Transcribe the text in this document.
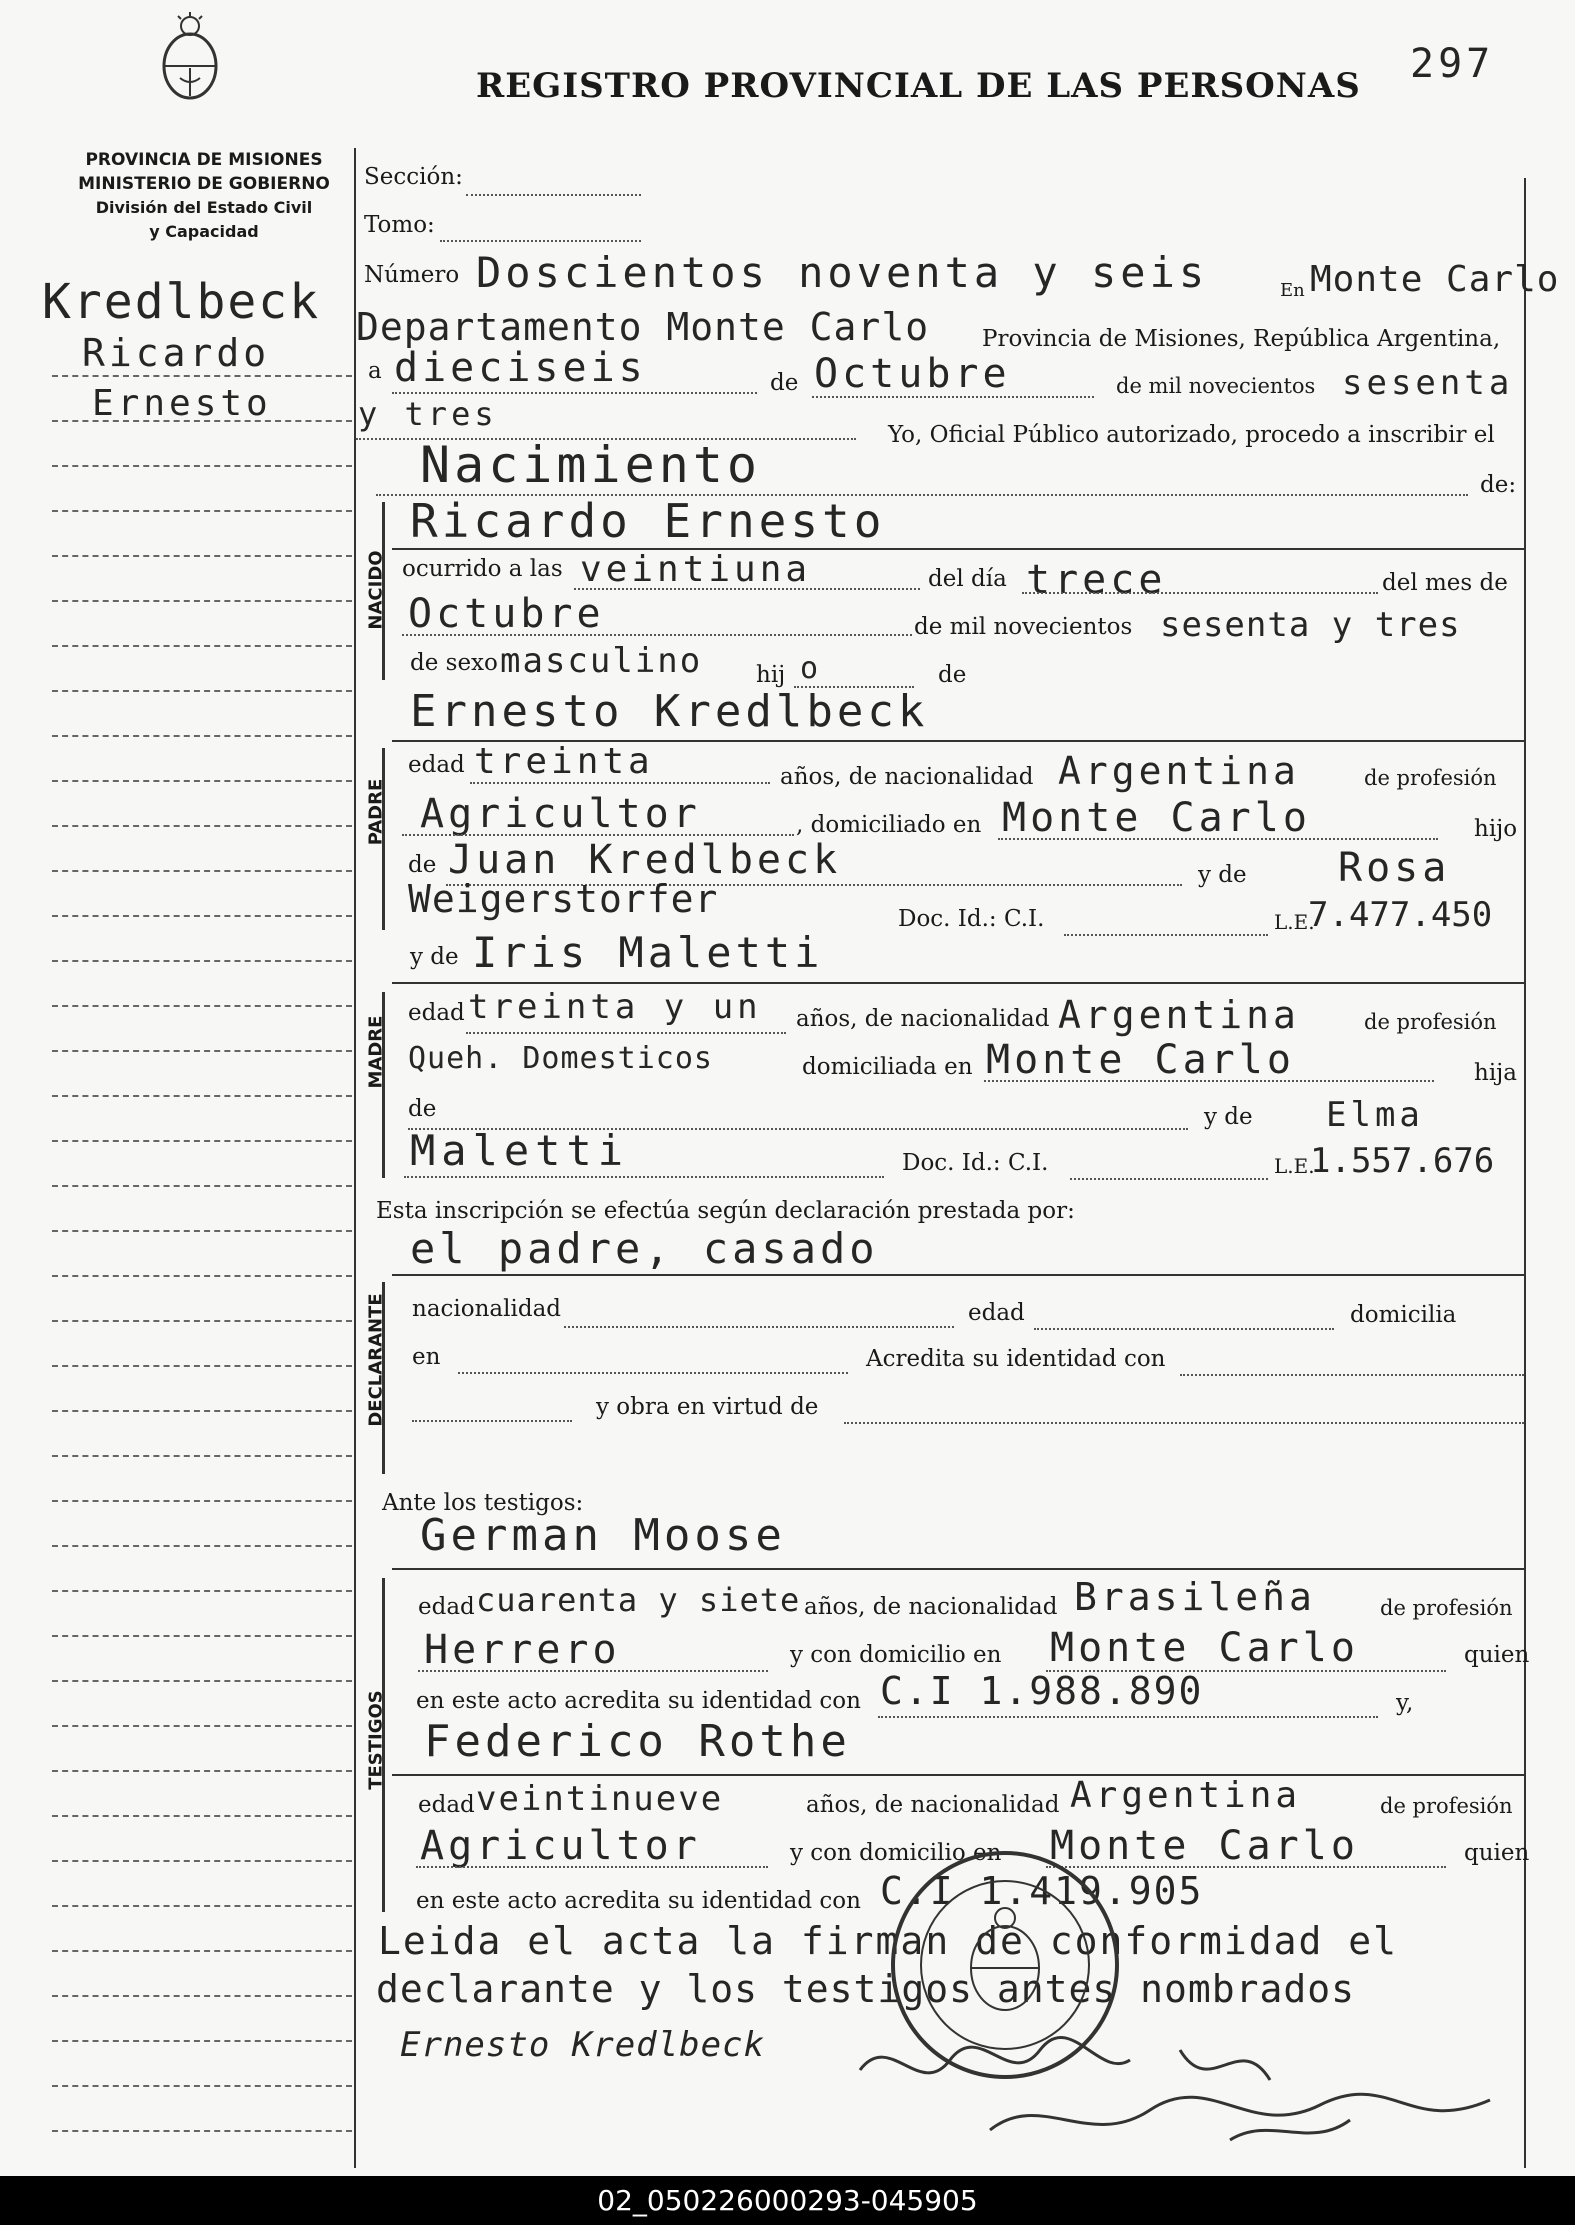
REGISTRO PROVINCIAL DE LAS PERSONAS 297
PROVINCIA DE MISIONES
MINISTERIO DE GOBIERNO
División del Estado Civil
y Capacidad
Kredlbeck
Ricardo
Ernesto
Sección:
Tomo:
Número Doscientos noventa y seis	En Monte Carlo
Departamento Monte Carlo Provincia de Misiones, República Argentina,
a dieciseis	de Octubre	de mil novecientos sesenta
y tres
Yo, Oficial Público autorizado, procedo a inscribir el
Nacimiento	de:
NACIDO
Ricardo Ernesto
ocurrido a las veintiuna	del día trece	del mes de
Octubre	de mil novecientos sesenta y tres
de sexo masculino hij o	de
Ernesto Kredlbeck
PADRE
edad treinta	años, de nacionalidad Argentina	de profesión
Agricultor	, domiciliado en Monte Carlo	hijo
de Juan Kredlbeck	y de Rosa
Weigerstorfer	Doc. Id.: C.I.	L.E.
7.477.450
y de Iris Maletti
MADRE
edad treinta y un años, de nacionalidad Argentina	de profesión
Queh. Domesticos	domiciliada en Monte Carlo	hija
de	y de Elma
Maletti	Doc. Id.: C.I.	L.E.
1.557.676
Esta inscripción se efectúa según declaración prestada por:
el padre, casado
DECLARANTE nacionalidad	edad	domicilia
en	Acredita su identidad con
y obra en virtud de
Ante los testigos:
German Moose
TESTIGOS
edad cuarenta y siete años, de nacionalidad Brasileña	de profesión
Herrero	y con domicilio en Monte Carlo	quien
en este acto acredita su identidad con C.I 1.988.890	y,
Federico Rothe
edad veintinueve	años, de nacionalidad Argentina	de profesión
Agricultor	y con domicilio en Monte Carlo	quien
en este acto acredita su identidad con C.I 1.419.905
Leida el acta la firman de conformidad el
declarante y los testigos antes nombrados
Ernesto Kredlbeck
02_050226000293-045905
